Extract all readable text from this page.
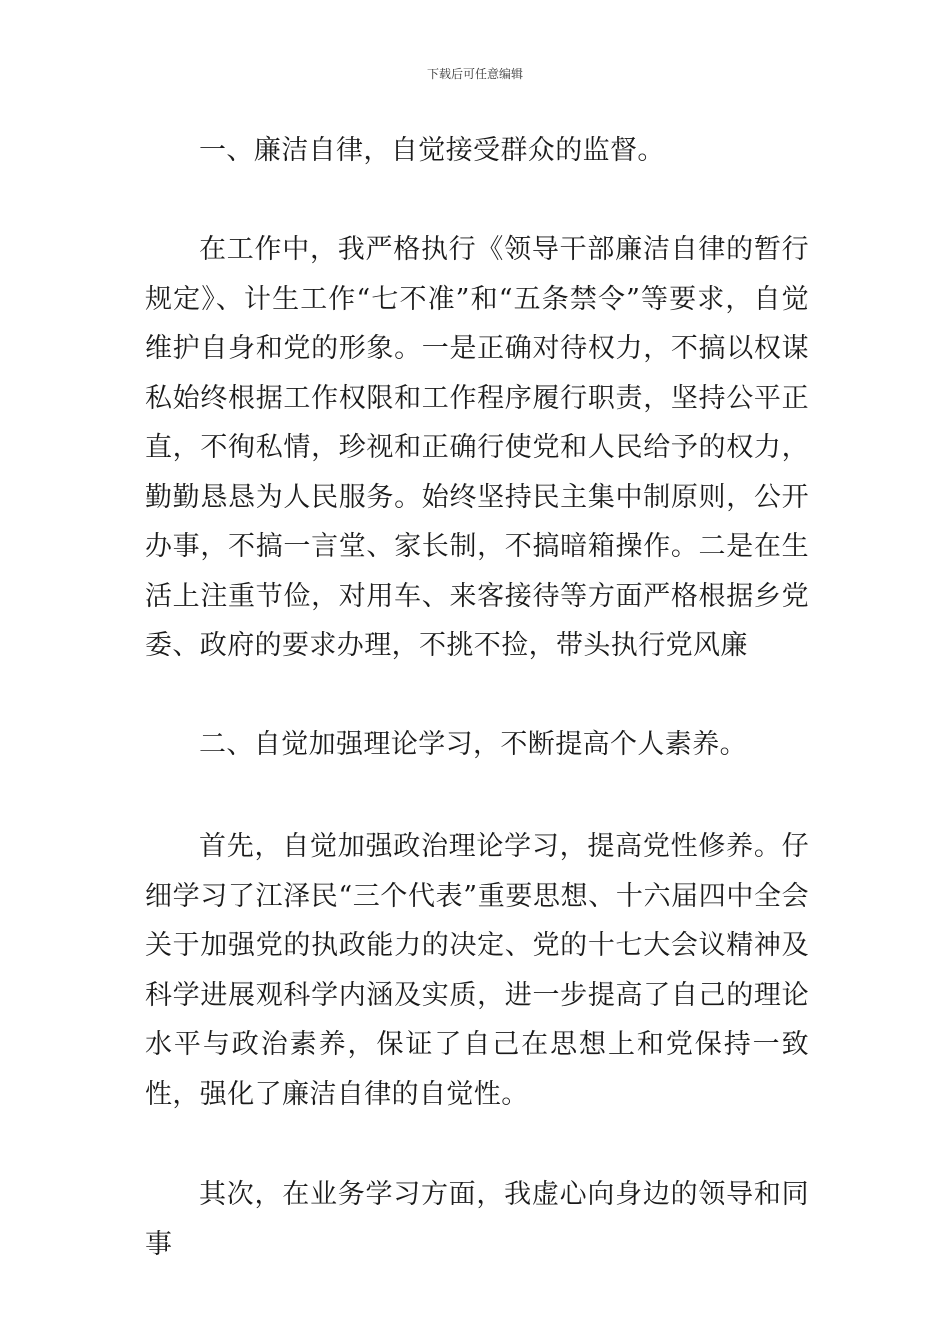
下载后可任意编辑

一、廉洁自律，自觉接受群众的监督。

在工作中，我严格执行《领导干部廉洁自律的暂行规定》、计生工作“七不准”和“五条禁令”等要求，自觉维护自身和党的形象。一是正确对待权力，不搞以权谋私始终根据工作权限和工作程序履行职责，坚持公平正直，不徇私情，珍视和正确行使党和人民给予的权力，勤勤恳恳为人民服务。始终坚持民主集中制原则，公开办事，不搞一言堂、家长制，不搞暗箱操作。二是在生活上注重节俭，对用车、来客接待等方面严格根据乡党委、政府的要求办理，不挑不捡，带头执行党风廉

二、自觉加强理论学习，不断提高个人素养。

首先，自觉加强政治理论学习，提高党性修养。仔细学习了江泽民“三个代表”重要思想、十六届四中全会关于加强党的执政能力的决定、党的十七大会议精神及科学进展观科学内涵及实质，进一步提高了自己的理论水平与政治素养，保证了自己在思想上和党保持一致性，强化了廉洁自律的自觉性。

其次，在业务学习方面，我虚心向身边的领导和同事
